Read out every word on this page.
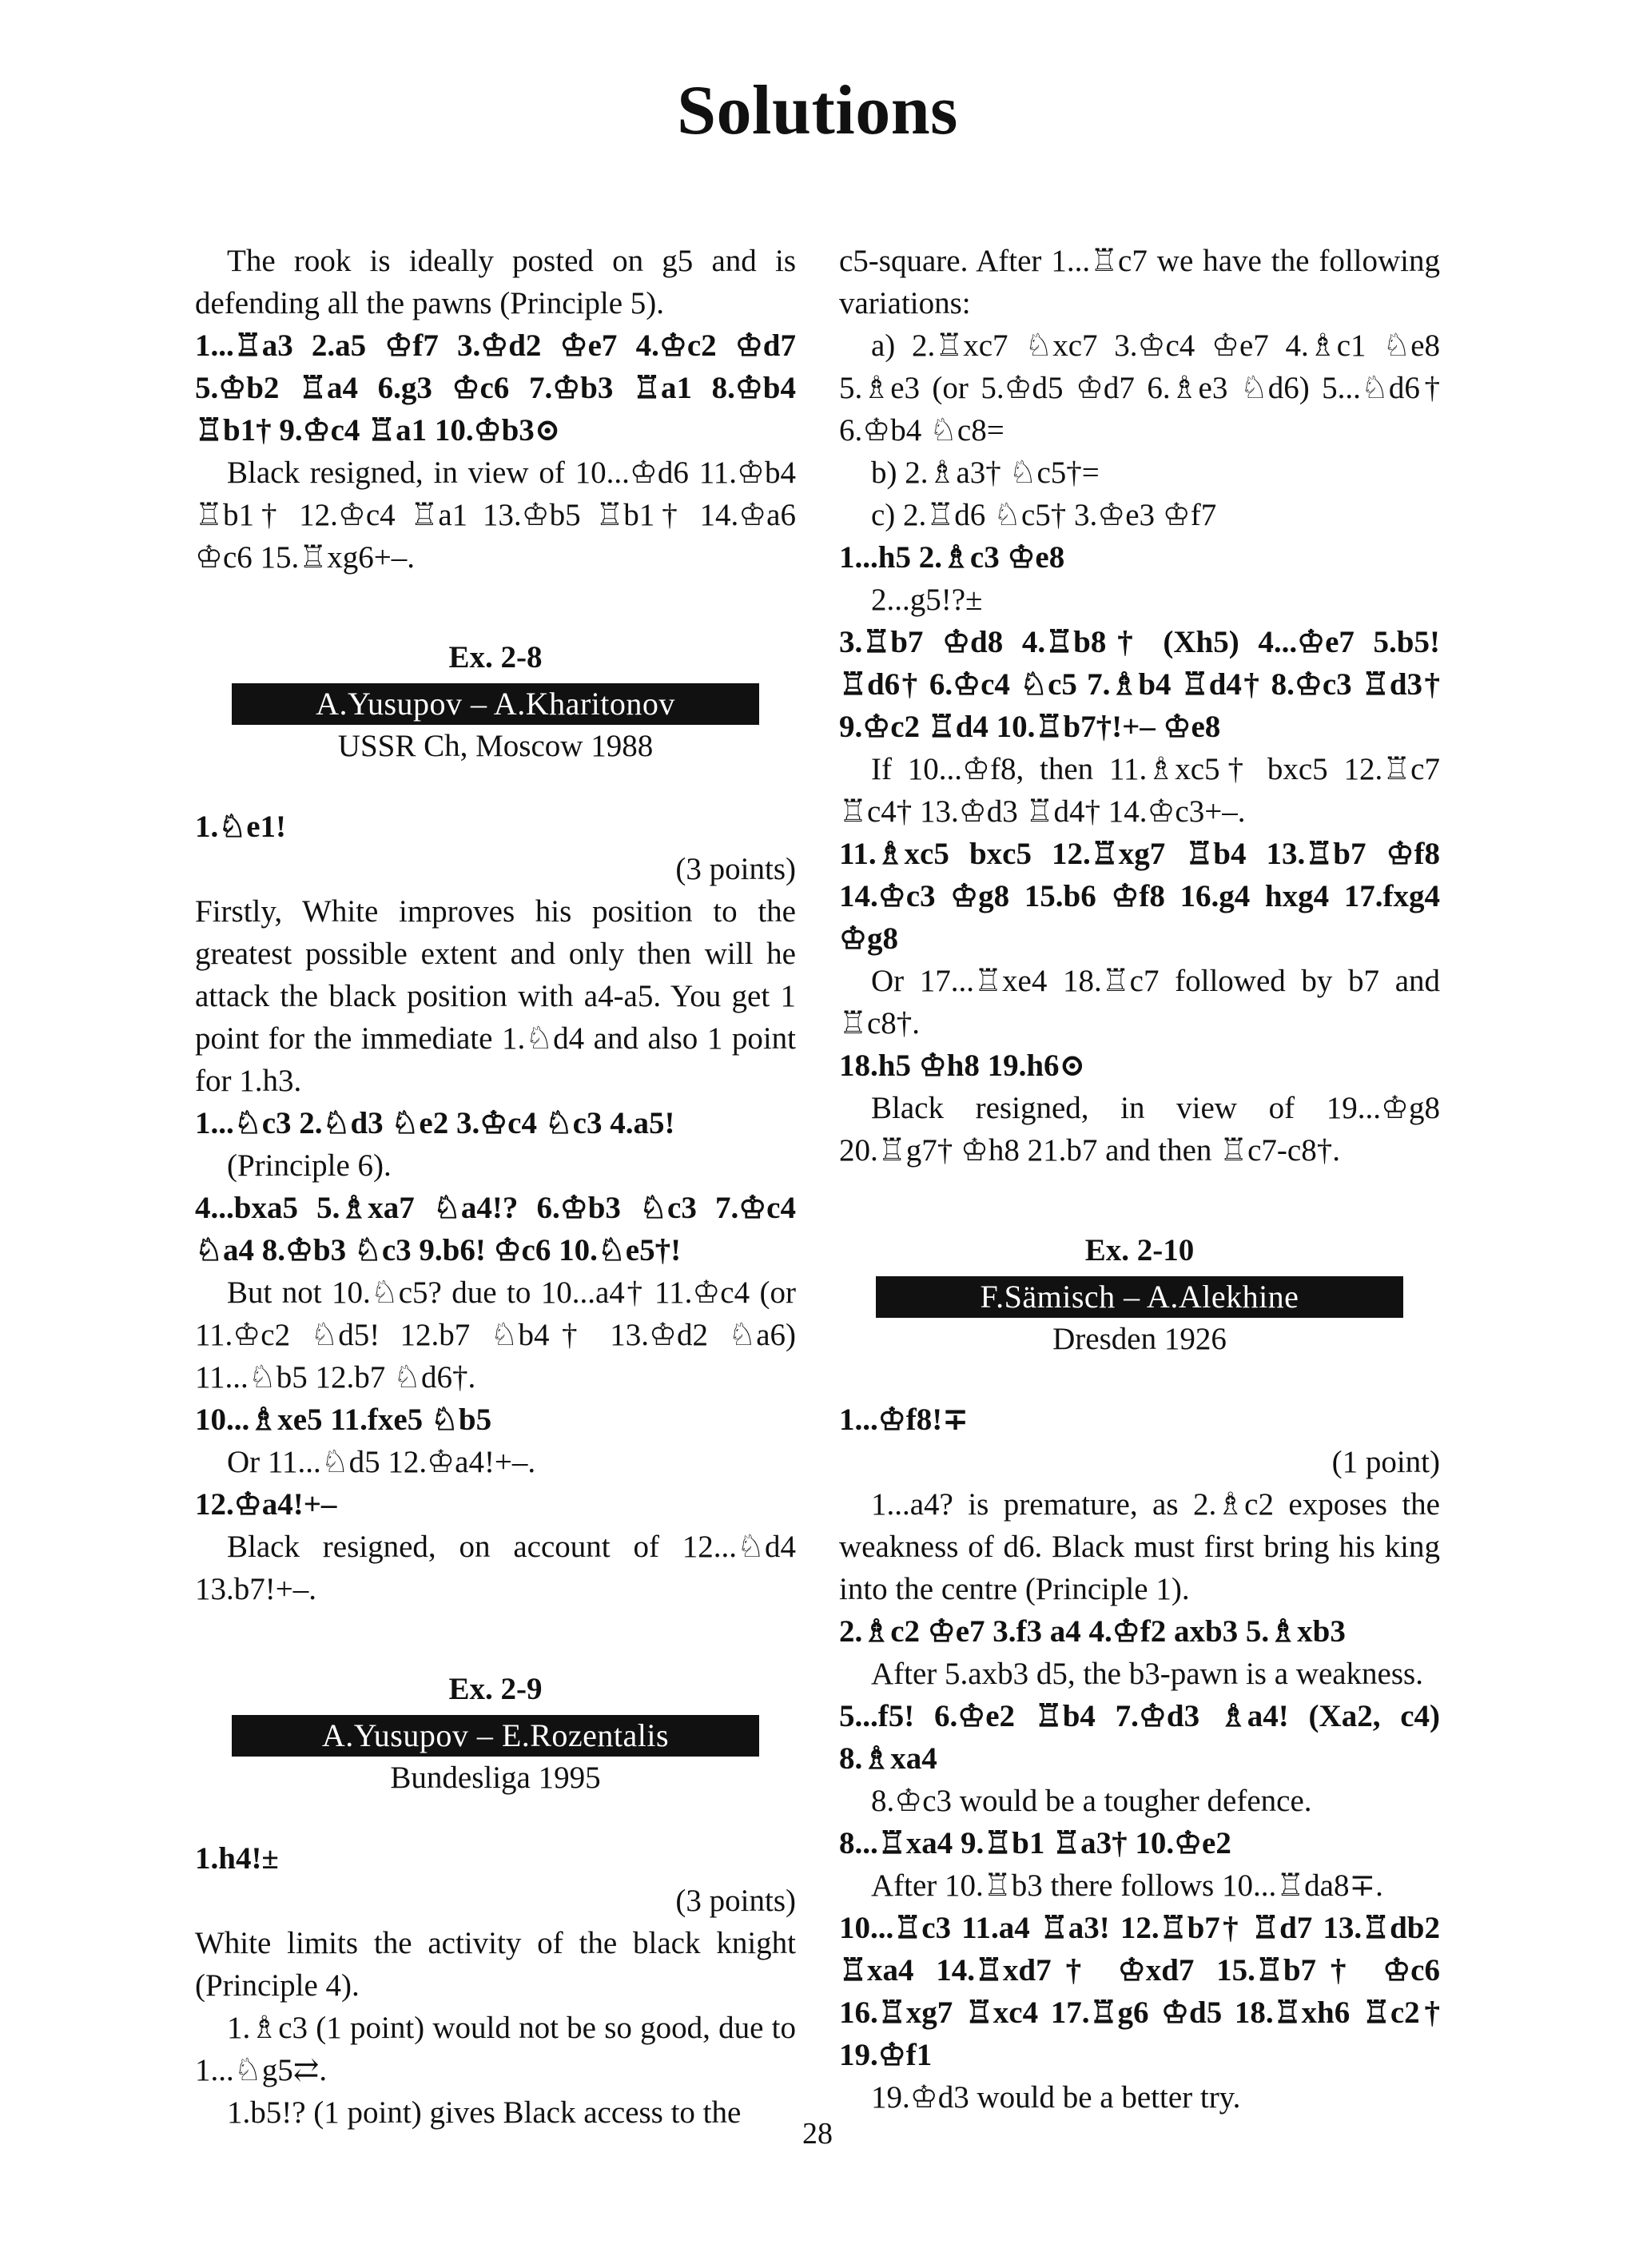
Solutions

The rook is ideally posted on g5 and is defending all the pawns (Principle 5).

1...♖a3 2.a5 ♔f7 3.♔d2 ♔e7 4.♔c2 ♔d7 5.♔b2 ♖a4 6.g3 ♔c6 7.♔b3 ♖a1 8.♔b4 ♖b1† 9.♔c4 ♖a1 10.♔b3⊙

Black resigned, in view of 10...♔d6 11.♔b4 ♖b1† 12.♔c4 ♖a1 13.♔b5 ♖b1† 14.♔a6 ♔c6 15.♖xg6+–.

Ex. 2-8

A.Yusupov – A.Kharitonov

USSR Ch, Moscow 1988

1.♘e1!

(3 points)

Firstly, White improves his position to the greatest possible extent and only then will he attack the black position with a4-a5. You get 1 point for the immediate 1.♘d4 and also 1 point for 1.h3.

1...♘c3 2.♘d3 ♘e2 3.♔c4 ♘c3 4.a5!

(Principle 6).

4...bxa5 5.♗xa7 ♘a4!? 6.♔b3 ♘c3 7.♔c4 ♘a4 8.♔b3 ♘c3 9.b6! ♔c6 10.♘e5†!

But not 10.♘c5? due to 10...a4† 11.♔c4 (or 11.♔c2 ♘d5! 12.b7 ♘b4† 13.♔d2 ♘a6) 11...♘b5 12.b7 ♘d6†.

10...♗xe5 11.fxe5 ♘b5

Or 11...♘d5 12.♔a4!+–.

12.♔a4!+–

Black resigned, on account of 12...♘d4 13.b7!+–.

Ex. 2-9

A.Yusupov – E.Rozentalis

Bundesliga 1995

1.h4!±

(3 points)

White limits the activity of the black knight (Principle 4).

1.♗c3 (1 point) would not be so good, due to 1...♘g5⇄.

1.b5!? (1 point) gives Black access to the

c5-square. After 1...♖c7 we have the following variations:

a) 2.♖xc7 ♘xc7 3.♔c4 ♔e7 4.♗c1 ♘e8 5.♗e3 (or 5.♔d5 ♔d7 6.♗e3 ♘d6) 5...♘d6† 6.♔b4 ♘c8=

b) 2.♗a3† ♘c5†=

c) 2.♖d6 ♘c5† 3.♔e3 ♔f7

1...h5 2.♗c3 ♔e8

2...g5!?±

3.♖b7 ♔d8 4.♖b8† (Xh5) 4...♔e7 5.b5! ♖d6† 6.♔c4 ♘c5 7.♗b4 ♖d4† 8.♔c3 ♖d3† 9.♔c2 ♖d4 10.♖b7†!+– ♔e8

If 10...♔f8, then 11.♗xc5† bxc5 12.♖c7 ♖c4† 13.♔d3 ♖d4† 14.♔c3+–.

11.♗xc5 bxc5 12.♖xg7 ♖b4 13.♖b7 ♔f8 14.♔c3 ♔g8 15.b6 ♔f8 16.g4 hxg4 17.fxg4 ♔g8

Or 17...♖xe4 18.♖c7 followed by b7 and ♖c8†.

18.h5 ♔h8 19.h6⊙

Black resigned, in view of 19...♔g8 20.♖g7† ♔h8 21.b7 and then ♖c7-c8†.

Ex. 2-10

F.Sämisch – A.Alekhine

Dresden 1926

1...♔f8!∓

(1 point)

1...a4? is premature, as 2.♗c2 exposes the weakness of d6. Black must first bring his king into the centre (Principle 1).

2.♗c2 ♔e7 3.f3 a4 4.♔f2 axb3 5.♗xb3

After 5.axb3 d5, the b3-pawn is a weakness.

5...f5! 6.♔e2 ♖b4 7.♔d3 ♗a4! (Xa2, c4) 8.♗xa4

8.♔c3 would be a tougher defence.

8...♖xa4 9.♖b1 ♖a3† 10.♔e2

After 10.♖b3 there follows 10...♖da8∓.

10...♖c3 11.a4 ♖a3! 12.♖b7† ♖d7 13.♖db2 ♖xa4 14.♖xd7† ♔xd7 15.♖b7† ♔c6 16.♖xg7 ♖xc4 17.♖g6 ♔d5 18.♖xh6 ♖c2† 19.♔f1

19.♔d3 would be a better try.

28
